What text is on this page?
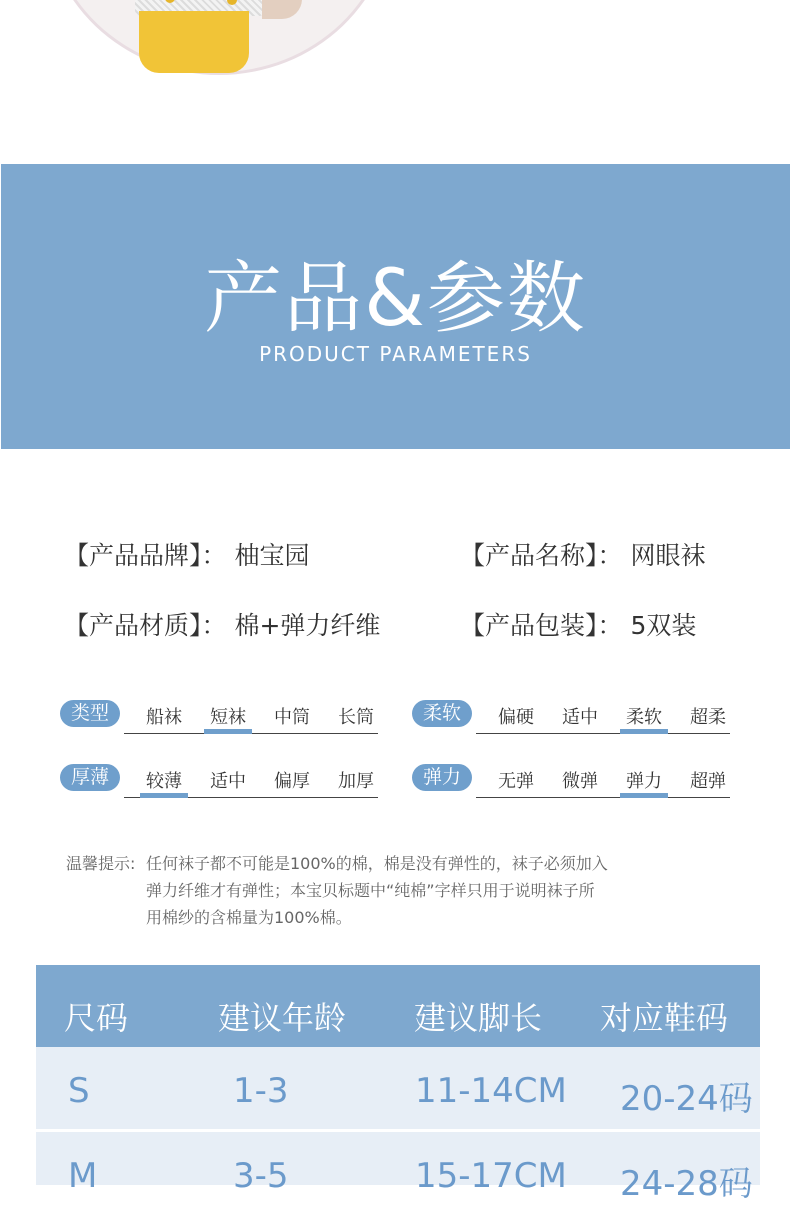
产品&参数
PRODUCT PARAMETERS
【产品品牌】： 柚宝园	【产品名称】： 网眼袜
【产品材质】： 棉+弹力纤维	【产品包装】： 5双装
类型	船袜	短袜	中筒	长筒	柔软	偏硬	适中	柔软	超柔
厚薄	较薄	适中	偏厚	加厚	弹力	无弹	微弹	弹力	超弹
温馨提示: 任何袜子都不可能是100%的棉，棉是没有弹性的，袜子必须加入
弹力纤维才有弹性；本宝贝标题中“纯棉”字样只用于说明袜子所
用棉纱的含棉量为100%棉。
尺码	建议年龄 建议脚长 对应鞋码
S	1-3	11-14CM 20-24码
M	3-5	15-17CM 24-28码
